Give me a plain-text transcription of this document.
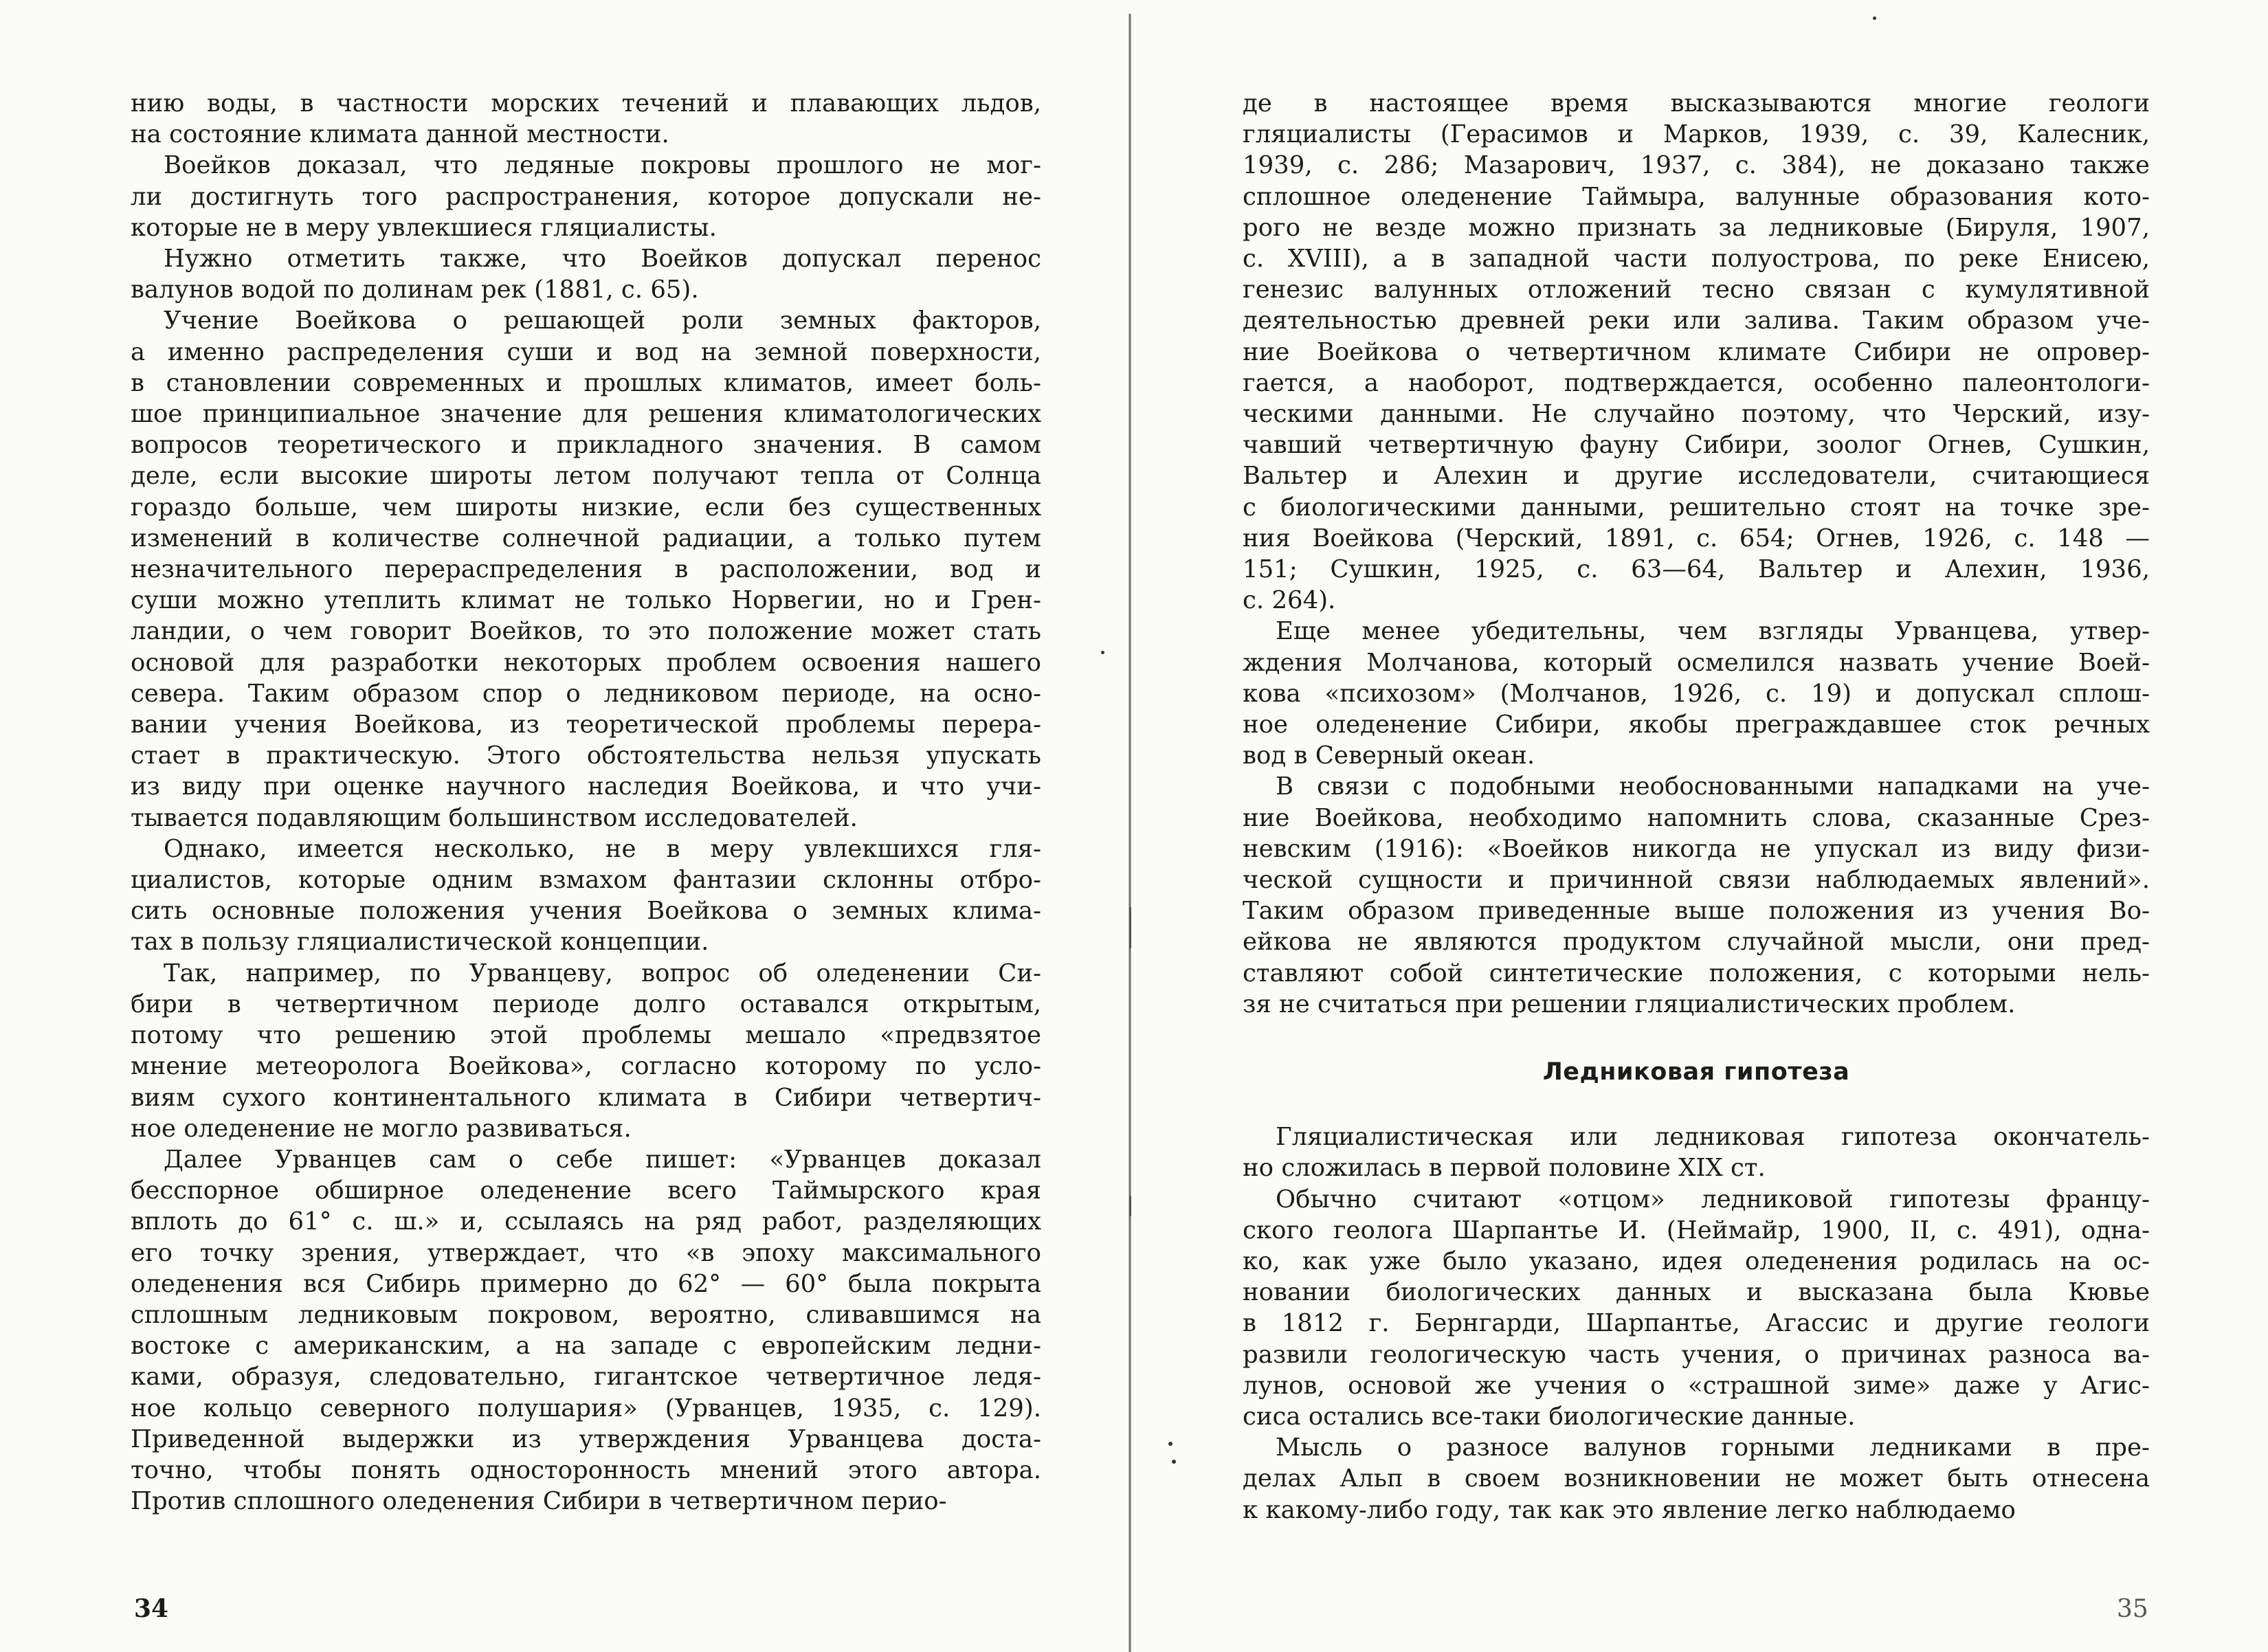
нию воды, в частности морских течений и плавающих льдов,
на состояние климата данной местности.
Воейков доказал, что ледяные покровы прошлого не мог-
ли достигнуть того распространения, которое допускали не-
которые не в меру увлекшиеся гляциалисты.
Нужно отметить также, что Воейков допускал перенос
валунов водой по долинам рек (1881, с. 65).
Учение Воейкова о решающей роли земных факторов,
а именно распределения суши и вод на земной поверхности,
в становлении современных и прошлых климатов, имеет боль-
шое принципиальное значение для решения климатологических
вопросов теоретического и прикладного значения. В самом
деле, если высокие широты летом получают тепла от Солнца
гораздо больше, чем широты низкие, если без существенных
изменений в количестве солнечной радиации, а только путем
незначительного перераспределения в расположении, вод и
суши можно утеплить климат не только Норвегии, но и Грен-
ландии, о чем говорит Воейков, то это положение может стать
основой для разработки некоторых проблем освоения нашего
севера. Таким образом спор о ледниковом периоде, на осно-
вании учения Воейкова, из теоретической проблемы перера-
стает в практическую. Этого обстоятельства нельзя упускать
из виду при оценке научного наследия Воейкова, и что учи-
тывается подавляющим большинством исследователей.
Однако, имеется несколько, не в меру увлекшихся гля-
циалистов, которые одним взмахом фантазии склонны отбро-
сить основные положения учения Воейкова о земных клима-
тах в пользу гляциалистической концепции.
Так, например, по Урванцеву, вопрос об оледенении Си-
бири в четвертичном периоде долго оставался открытым,
потому что решению этой проблемы мешало «предвзятое
мнение метеоролога Воейкова», согласно которому по усло-
виям сухого континентального климата в Сибири четвертич-
ное оледенение не могло развиваться.
Далее Урванцев сам о себе пишет: «Урванцев доказал
бесспорное обширное оледенение всего Таймырского края
вплоть до 61° с. ш.» и, ссылаясь на ряд работ, разделяющих
его точку зрения, утверждает, что «в эпоху максимального
оледенения вся Сибирь примерно до 62° — 60° была покрыта
сплошным ледниковым покровом, вероятно, сливавшимся на
востоке с американским, а на западе с европейским ледни-
ками, образуя, следовательно, гигантское четвертичное ледя-
ное кольцо северного полушария» (Урванцев, 1935, с. 129).
Приведенной выдержки из утверждения Урванцева доста-
точно, чтобы понять односторонность мнений этого автора.
Против сплошного оледенения Сибири в четвертичном перио-
34
де в настоящее время высказываются многие геологи
гляциалисты (Герасимов и Марков, 1939, с. 39, Калесник,
1939, с. 286; Мазарович, 1937, с. 384), не доказано также
сплошное оледенение Таймыра, валунные образования кото-
рого не везде можно признать за ледниковые (Бируля, 1907,
с. XVIII), а в западной части полуострова, по реке Енисею,
генезис валунных отложений тесно связан с кумулятивной
деятельностью древней реки или залива. Таким образом уче-
ние Воейкова о четвертичном климате Сибири не опровер-
гается, а наоборот, подтверждается, особенно палеонтологи-
ческими данными. Не случайно поэтому, что Черский, изу-
чавший четвертичную фауну Сибири, зоолог Огнев, Сушкин,
Вальтер и Алехин и другие исследователи, считающиеся
с биологическими данными, решительно стоят на точке зре-
ния Воейкова (Черский, 1891, с. 654; Огнев, 1926, с. 148 —
151; Сушкин, 1925, с. 63—64, Вальтер и Алехин, 1936,
с. 264).
Еще менее убедительны, чем взгляды Урванцева, утвер-
ждения Молчанова, который осмелился назвать учение Воей-
кова «психозом» (Молчанов, 1926, с. 19) и допускал сплош-
ное оледенение Сибири, якобы преграждавшее сток речных
вод в Северный океан.
В связи с подобными необоснованными нападками на уче-
ние Воейкова, необходимо напомнить слова, сказанные Срез-
невским (1916): «Воейков никогда не упускал из виду физи-
ческой сущности и причинной связи наблюдаемых явлений».
Таким образом приведенные выше положения из учения Во-
ейкова не являются продуктом случайной мысли, они пред-
ставляют собой синтетические положения, с которыми нель-
зя не считаться при решении гляциалистических проблем.
Ледниковая гипотеза
Гляциалистическая или ледниковая гипотеза окончатель-
но сложилась в первой половине XIX ст.
Обычно считают «отцом» ледниковой гипотезы францу-
ского геолога Шарпантье И. (Неймайр, 1900, II, с. 491), одна-
ко, как уже было указано, идея оледенения родилась на ос-
новании биологических данных и высказана была Кювье
в 1812 г. Бернгарди, Шарпантье, Агассис и другие геологи
развили геологическую часть учения, о причинах разноса ва-
лунов, основой же учения о «страшной зиме» даже у Агис-
сиса остались все-таки биологические данные.
Мысль о разносе валунов горными ледниками в пре-
делах Альп в своем возникновении не может быть отнесена
к какому-либо году, так как это явление легко наблюдаемо
35
